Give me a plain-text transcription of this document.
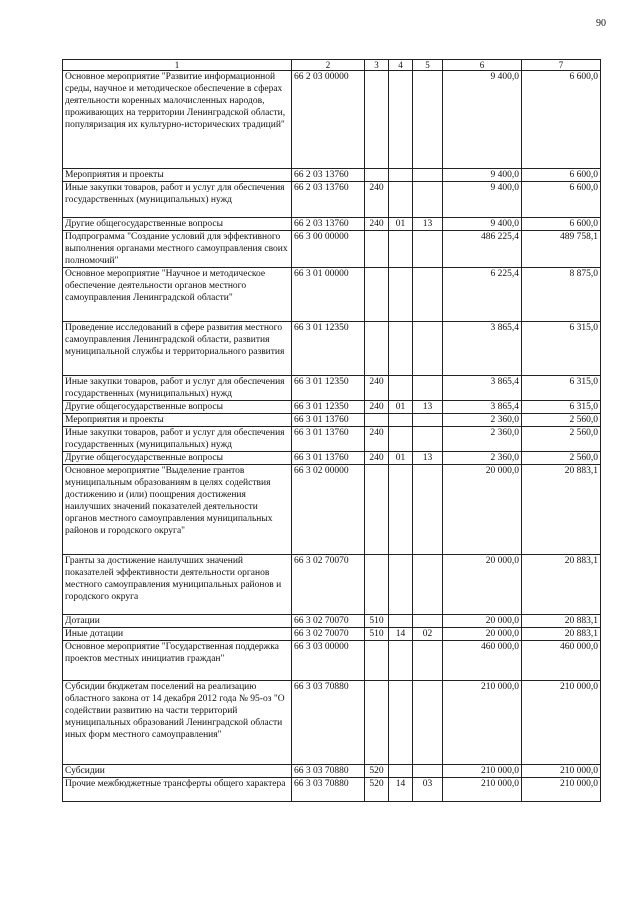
90
1	2	3	4	5	6	7
Основное мероприятие "Развитие информационной среды, научное и методическое обеспечение в сферах деятельности коренных малочисленных народов, проживающих на территории Ленинградской области, популяризация их культурно-исторических традиций"	66 2 03 00000				9 400,0	6 600,0
Мероприятия и проекты	66 2 03 13760				9 400,0	6 600,0
Иные закупки товаров, работ и услуг для обеспечения государственных (муниципальных) нужд	66 2 03 13760	240			9 400,0	6 600,0
Другие общегосударственные вопросы	66 2 03 13760	240	01	13	9 400,0	6 600,0
Подпрограмма "Создание условий для эффективного выполнения органами местного самоуправления своих полномочий"	66 3 00 00000				486 225,4	489 758,1
Основное мероприятие "Научное и методическое обеспечение деятельности органов местного самоуправления Ленинградской области"	66 3 01 00000				6 225,4	8 875,0
Проведение исследований в сфере развития местного самоуправления Ленинградской области, развития муниципальной службы и территориального развития	66 3 01 12350				3 865,4	6 315,0
Иные закупки товаров, работ и услуг для обеспечения государственных (муниципальных) нужд	66 3 01 12350	240			3 865,4	6 315,0
Другие общегосударственные вопросы	66 3 01 12350	240	01	13	3 865,4	6 315,0
Мероприятия и проекты	66 3 01 13760				2 360,0	2 560,0
Иные закупки товаров, работ и услуг для обеспечения государственных (муниципальных) нужд	66 3 01 13760	240			2 360,0	2 560,0
Другие общегосударственные вопросы	66 3 01 13760	240	01	13	2 360,0	2 560,0
Основное мероприятие "Выделение грантов муниципальным образованиям в целях содействия достижению и (или) поощрения достижения наилучших значений показателей деятельности органов местного самоуправления муниципальных районов и городского округа"	66 3 02 00000				20 000,0	20 883,1
Гранты за достижение наилучших значений показателей эффективности деятельности органов местного самоуправления муниципальных районов и городского округа	66 3 02 70070				20 000,0	20 883,1
Дотации	66 3 02 70070	510			20 000,0	20 883,1
Иные дотации	66 3 02 70070	510	14	02	20 000,0	20 883,1
Основное мероприятие "Государственная поддержка проектов местных инициатив граждан"	66 3 03 00000				460 000,0	460 000,0
Субсидии бюджетам поселений на реализацию областного закона от 14 декабря 2012 года № 95-оз "О содействии развитию на части территорий муниципальных образований Ленинградской области иных форм местного самоуправления"	66 3 03 70880				210 000,0	210 000,0
Субсидии	66 3 03 70880	520			210 000,0	210 000,0
Прочие межбюджетные трансферты общего характера	66 3 03 70880	520	14	03	210 000,0	210 000,0
